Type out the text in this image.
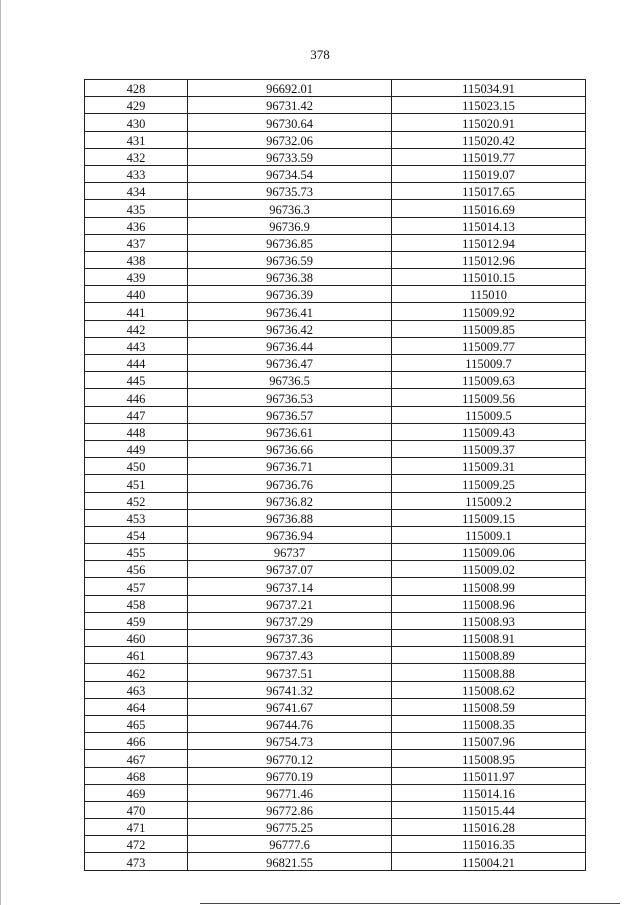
378
428	96692.01	115034.91
429	96731.42	115023.15
430	96730.64	115020.91
431	96732.06	115020.42
432	96733.59	115019.77
433	96734.54	115019.07
434	96735.73	115017.65
435	96736.3	115016.69
436	96736.9	115014.13
437	96736.85	115012.94
438	96736.59	115012.96
439	96736.38	115010.15
440	96736.39	115010
441	96736.41	115009.92
442	96736.42	115009.85
443	96736.44	115009.77
444	96736.47	115009.7
445	96736.5	115009.63
446	96736.53	115009.56
447	96736.57	115009.5
448	96736.61	115009.43
449	96736.66	115009.37
450	96736.71	115009.31
451	96736.76	115009.25
452	96736.82	115009.2
453	96736.88	115009.15
454	96736.94	115009.1
455	96737	115009.06
456	96737.07	115009.02
457	96737.14	115008.99
458	96737.21	115008.96
459	96737.29	115008.93
460	96737.36	115008.91
461	96737.43	115008.89
462	96737.51	115008.88
463	96741.32	115008.62
464	96741.67	115008.59
465	96744.76	115008.35
466	96754.73	115007.96
467	96770.12	115008.95
468	96770.19	115011.97
469	96771.46	115014.16
470	96772.86	115015.44
471	96775.25	115016.28
472	96777.6	115016.35
473	96821.55	115004.21
